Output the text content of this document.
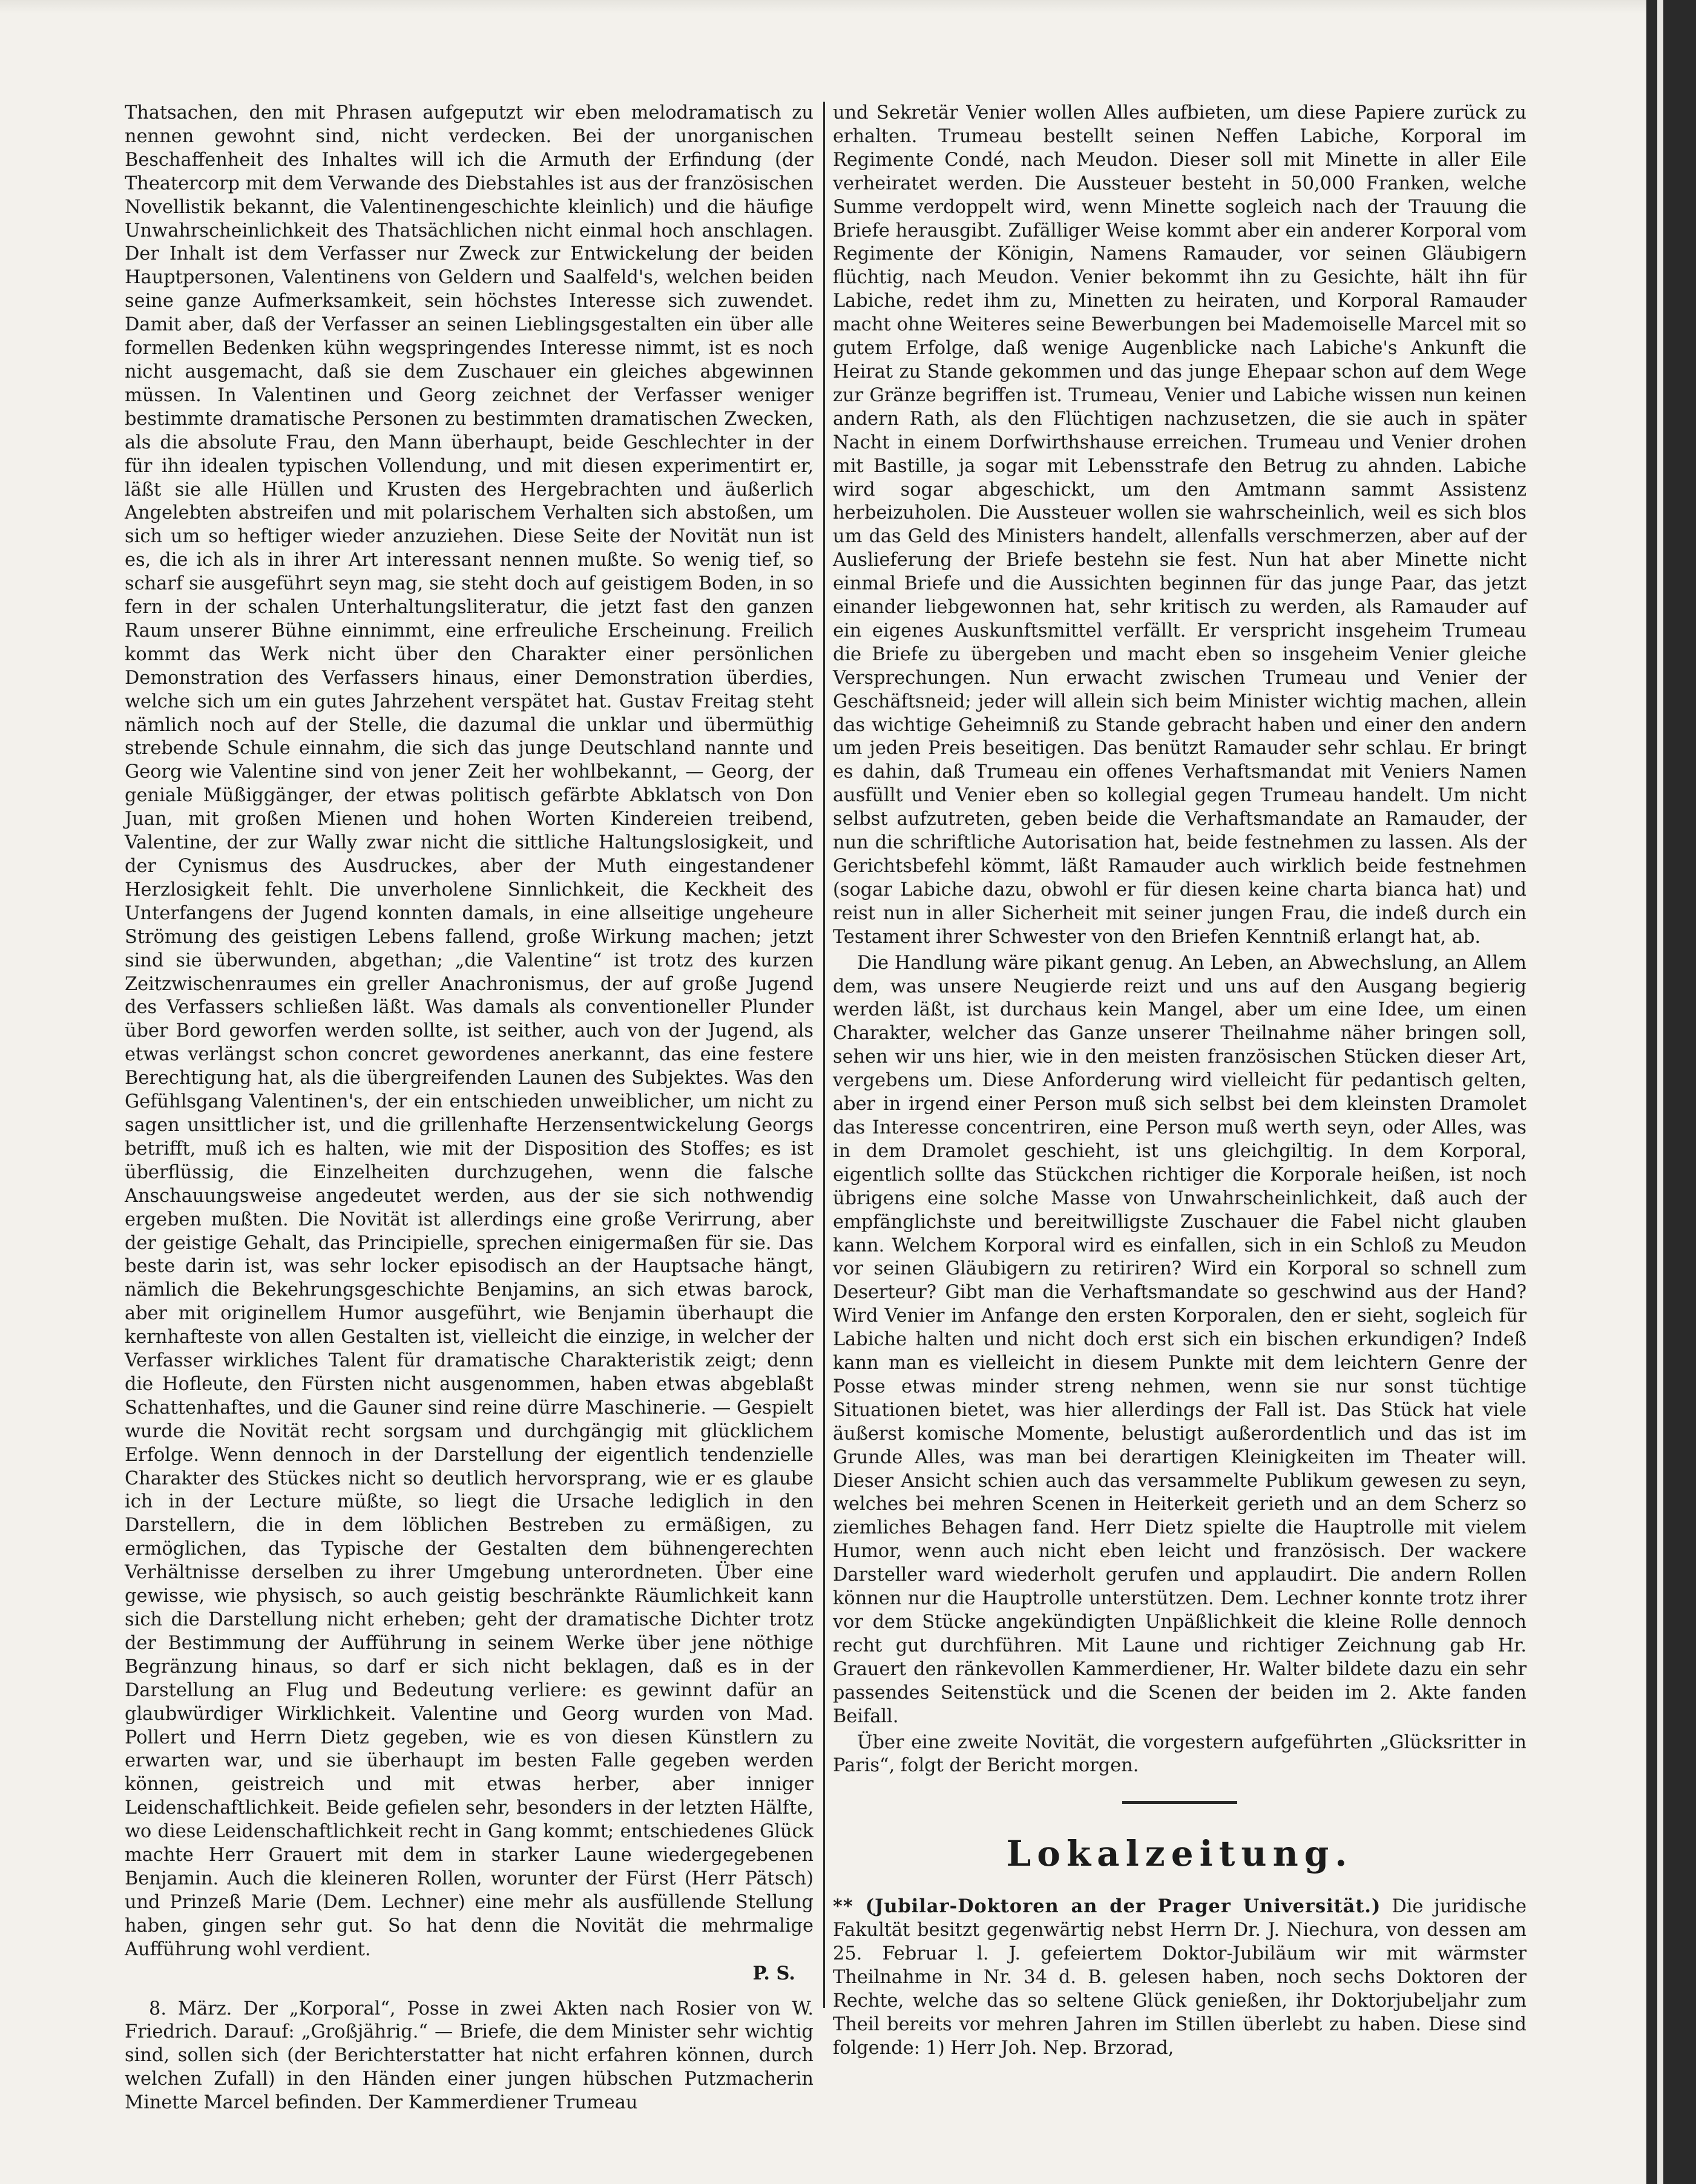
Thatsachen, den mit Phrasen aufgeputzt wir eben melodramatisch zu nennen gewohnt sind, nicht verdecken. Bei der unorganischen Beschaffenheit des Inhaltes will ich die Armuth der Erfindung (der Theatercorp mit dem Verwande des Diebstahles ist aus der französischen Novellistik bekannt, die Valentinengeschichte kleinlich) und die häufige Unwahrscheinlichkeit des Thatsächlichen nicht einmal hoch anschlagen. Der Inhalt ist dem Verfasser nur Zweck zur Entwickelung der beiden Hauptpersonen, Valentinens von Geldern und Saalfeld's, welchen beiden seine ganze Aufmerksamkeit, sein höchstes Interesse sich zuwendet. Damit aber, daß der Verfasser an seinen Lieblingsgestalten ein über alle formellen Bedenken kühn wegspringendes Interesse nimmt, ist es noch nicht ausgemacht, daß sie dem Zuschauer ein gleiches abgewinnen müssen. In Valentinen und Georg zeichnet der Verfasser weniger bestimmte dramatische Personen zu bestimmten dramatischen Zwecken, als die absolute Frau, den Mann überhaupt, beide Geschlechter in der für ihn idealen typischen Vollendung, und mit diesen experimentirt er, läßt sie alle Hüllen und Krusten des Hergebrachten und äußerlich Angelebten abstreifen und mit polarischem Verhalten sich abstoßen, um sich um so heftiger wieder anzuziehen. Diese Seite der Novität nun ist es, die ich als in ihrer Art interessant nennen mußte. So wenig tief, so scharf sie ausgeführt seyn mag, sie steht doch auf geistigem Boden, in so fern in der schalen Unterhaltungsliteratur, die jetzt fast den ganzen Raum unserer Bühne einnimmt, eine erfreuliche Erscheinung. Freilich kommt das Werk nicht über den Charakter einer persönlichen Demonstration des Verfassers hinaus, einer Demonstration überdies, welche sich um ein gutes Jahrzehent verspätet hat. Gustav Freitag steht nämlich noch auf der Stelle, die dazumal die unklar und übermüthig strebende Schule einnahm, die sich das junge Deutschland nannte und Georg wie Valentine sind von jener Zeit her wohlbekannt, — Georg, der geniale Müßiggänger, der etwas politisch gefärbte Abklatsch von Don Juan, mit großen Mienen und hohen Worten Kindereien treibend, Valentine, der zur Wally zwar nicht die sittliche Haltungslosigkeit, und der Cynismus des Ausdruckes, aber der Muth eingestandener Herzlosigkeit fehlt. Die unverholene Sinnlichkeit, die Keckheit des Unterfangens der Jugend konnten damals, in eine allseitige ungeheure Strömung des geistigen Lebens fallend, große Wirkung machen; jetzt sind sie überwunden, abgethan; „die Valentine“ ist trotz des kurzen Zeitzwischenraumes ein greller Anachronismus, der auf große Jugend des Verfassers schließen läßt. Was damals als conventioneller Plunder über Bord geworfen werden sollte, ist seither, auch von der Jugend, als etwas verlängst schon concret gewordenes anerkannt, das eine festere Berechtigung hat, als die übergreifenden Launen des Subjektes. Was den Gefühlsgang Valentinen's, der ein entschieden unweiblicher, um nicht zu sagen unsittlicher ist, und die grillenhafte Herzensentwickelung Georgs betrifft, muß ich es halten, wie mit der Disposition des Stoffes; es ist überflüssig, die Einzelheiten durchzugehen, wenn die falsche Anschauungsweise angedeutet werden, aus der sie sich nothwendig ergeben mußten. Die Novität ist allerdings eine große Verirrung, aber der geistige Gehalt, das Principielle, sprechen einigermaßen für sie. Das beste darin ist, was sehr locker episodisch an der Hauptsache hängt, nämlich die Bekehrungsgeschichte Benjamins, an sich etwas barock, aber mit originellem Humor ausgeführt, wie Benjamin überhaupt die kernhafteste von allen Gestalten ist, vielleicht die einzige, in welcher der Verfasser wirkliches Talent für dramatische Charakteristik zeigt; denn die Hofleute, den Fürsten nicht ausgenommen, haben etwas abgeblaßt Schattenhaftes, und die Gauner sind reine dürre Maschinerie. — Gespielt wurde die Novität recht sorgsam und durchgängig mit glücklichem Erfolge. Wenn dennoch in der Darstellung der eigentlich tendenzielle Charakter des Stückes nicht so deutlich hervorsprang, wie er es glaube ich in der Lecture müßte, so liegt die Ursache lediglich in den Darstellern, die in dem löblichen Bestreben zu ermäßigen, zu ermöglichen, das Typische der Gestalten dem bühnengerechten Verhältnisse derselben zu ihrer Umgebung unterordneten. Über eine gewisse, wie physisch, so auch geistig beschränkte Räumlichkeit kann sich die Darstellung nicht erheben; geht der dramatische Dichter trotz der Bestimmung der Aufführung in seinem Werke über jene nöthige Begränzung hinaus, so darf er sich nicht beklagen, daß es in der Darstellung an Flug und Bedeutung verliere: es gewinnt dafür an glaubwürdiger Wirklichkeit. Valentine und Georg wurden von Mad. Pollert und Herrn Dietz gegeben, wie es von diesen Künstlern zu erwarten war, und sie überhaupt im besten Falle gegeben werden können, geistreich und mit etwas herber, aber inniger Leidenschaftlichkeit. Beide gefielen sehr, besonders in der letzten Hälfte, wo diese Leidenschaftlichkeit recht in Gang kommt; entschiedenes Glück machte Herr Grauert mit dem in starker Laune wiedergegebenen Benjamin. Auch die kleineren Rollen, worunter der Fürst (Herr Pätsch) und Prinzeß Marie (Dem. Lechner) eine mehr als ausfüllende Stellung haben, gingen sehr gut. So hat denn die Novität die mehrmalige Aufführung wohl verdient.

P. S.

8. März. Der „Korporal“, Posse in zwei Akten nach Rosier von W. Friedrich. Darauf: „Großjährig.“ — Briefe, die dem Minister sehr wichtig sind, sollen sich (der Berichterstatter hat nicht erfahren können, durch welchen Zufall) in den Händen einer jungen hübschen Putzmacherin Minette Marcel befinden. Der Kammerdiener Trumeau

und Sekretär Venier wollen Alles aufbieten, um diese Papiere zurück zu erhalten. Trumeau bestellt seinen Neffen Labiche, Korporal im Regimente Condé, nach Meudon. Dieser soll mit Minette in aller Eile verheiratet werden. Die Aussteuer besteht in 50,000 Franken, welche Summe verdoppelt wird, wenn Minette sogleich nach der Trauung die Briefe herausgibt. Zufälliger Weise kommt aber ein anderer Korporal vom Regimente der Königin, Namens Ramauder, vor seinen Gläubigern flüchtig, nach Meudon. Venier bekommt ihn zu Gesichte, hält ihn für Labiche, redet ihm zu, Minetten zu heiraten, und Korporal Ramauder macht ohne Weiteres seine Bewerbungen bei Mademoiselle Marcel mit so gutem Erfolge, daß wenige Augenblicke nach Labiche's Ankunft die Heirat zu Stande gekommen und das junge Ehepaar schon auf dem Wege zur Gränze begriffen ist. Trumeau, Venier und Labiche wissen nun keinen andern Rath, als den Flüchtigen nachzusetzen, die sie auch in später Nacht in einem Dorfwirthshause erreichen. Trumeau und Venier drohen mit Bastille, ja sogar mit Lebensstrafe den Betrug zu ahnden. Labiche wird sogar abgeschickt, um den Amtmann sammt Assistenz herbeizuholen. Die Aussteuer wollen sie wahrscheinlich, weil es sich blos um das Geld des Ministers handelt, allenfalls verschmerzen, aber auf der Auslieferung der Briefe bestehn sie fest. Nun hat aber Minette nicht einmal Briefe und die Aussichten beginnen für das junge Paar, das jetzt einander liebgewonnen hat, sehr kritisch zu werden, als Ramauder auf ein eigenes Auskunftsmittel verfällt. Er verspricht insgeheim Trumeau die Briefe zu übergeben und macht eben so insgeheim Venier gleiche Versprechungen. Nun erwacht zwischen Trumeau und Venier der Geschäftsneid; jeder will allein sich beim Minister wichtig machen, allein das wichtige Geheimniß zu Stande gebracht haben und einer den andern um jeden Preis beseitigen. Das benützt Ramauder sehr schlau. Er bringt es dahin, daß Trumeau ein offenes Verhaftsmandat mit Veniers Namen ausfüllt und Venier eben so kollegial gegen Trumeau handelt. Um nicht selbst aufzutreten, geben beide die Verhaftsmandate an Ramauder, der nun die schriftliche Autorisation hat, beide festnehmen zu lassen. Als der Gerichtsbefehl kömmt, läßt Ramauder auch wirklich beide festnehmen (sogar Labiche dazu, obwohl er für diesen keine charta bianca hat) und reist nun in aller Sicherheit mit seiner jungen Frau, die indeß durch ein Testament ihrer Schwester von den Briefen Kenntniß erlangt hat, ab.

Die Handlung wäre pikant genug. An Leben, an Abwechslung, an Allem dem, was unsere Neugierde reizt und uns auf den Ausgang begierig werden läßt, ist durchaus kein Mangel, aber um eine Idee, um einen Charakter, welcher das Ganze unserer Theilnahme näher bringen soll, sehen wir uns hier, wie in den meisten französischen Stücken dieser Art, vergebens um. Diese Anforderung wird vielleicht für pedantisch gelten, aber in irgend einer Person muß sich selbst bei dem kleinsten Dramolet das Interesse concentriren, eine Person muß werth seyn, oder Alles, was in dem Dramolet geschieht, ist uns gleichgiltig. In dem Korporal, eigentlich sollte das Stückchen richtiger die Korporale heißen, ist noch übrigens eine solche Masse von Unwahrscheinlichkeit, daß auch der empfänglichste und bereitwilligste Zuschauer die Fabel nicht glauben kann. Welchem Korporal wird es einfallen, sich in ein Schloß zu Meudon vor seinen Gläubigern zu retiriren? Wird ein Korporal so schnell zum Deserteur? Gibt man die Verhaftsmandate so geschwind aus der Hand? Wird Venier im Anfange den ersten Korporalen, den er sieht, sogleich für Labiche halten und nicht doch erst sich ein bischen erkundigen? Indeß kann man es vielleicht in diesem Punkte mit dem leichtern Genre der Posse etwas minder streng nehmen, wenn sie nur sonst tüchtige Situationen bietet, was hier allerdings der Fall ist. Das Stück hat viele äußerst komische Momente, belustigt außerordentlich und das ist im Grunde Alles, was man bei derartigen Kleinigkeiten im Theater will. Dieser Ansicht schien auch das versammelte Publikum gewesen zu seyn, welches bei mehren Scenen in Heiterkeit gerieth und an dem Scherz so ziemliches Behagen fand. Herr Dietz spielte die Hauptrolle mit vielem Humor, wenn auch nicht eben leicht und französisch. Der wackere Darsteller ward wiederholt gerufen und applaudirt. Die andern Rollen können nur die Hauptrolle unterstützen. Dem. Lechner konnte trotz ihrer vor dem Stücke angekündigten Unpäßlichkeit die kleine Rolle dennoch recht gut durchführen. Mit Laune und richtiger Zeichnung gab Hr. Grauert den ränkevollen Kammerdiener, Hr. Walter bildete dazu ein sehr passendes Seitenstück und die Scenen der beiden im 2. Akte fanden Beifall.

Über eine zweite Novität, die vorgestern aufgeführten „Glücksritter in Paris“, folgt der Bericht morgen.

Lokalzeitung.

** (Jubilar-Doktoren an der Prager Universität.) Die juridische Fakultät besitzt gegenwärtig nebst Herrn Dr. J. Niechura, von dessen am 25. Februar l. J. gefeiertem Doktor-Jubiläum wir mit wärmster Theilnahme in Nr. 34 d. B. gelesen haben, noch sechs Doktoren der Rechte, welche das so seltene Glück genießen, ihr Doktorjubeljahr zum Theil bereits vor mehren Jahren im Stillen überlebt zu haben. Diese sind folgende: 1) Herr Joh. Nep. Brzorad,
